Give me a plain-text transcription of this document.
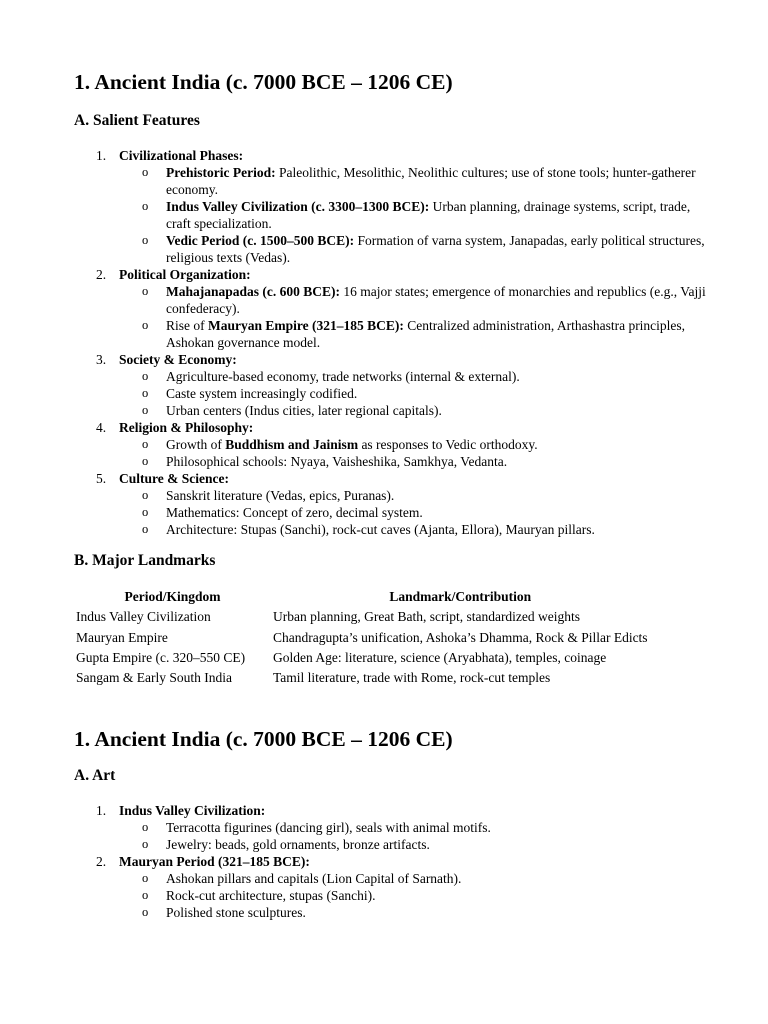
1. Ancient India (c. 7000 BCE – 1206 CE)
A. Salient Features
1. Civilizational Phases:
o Prehistoric Period: Paleolithic, Mesolithic, Neolithic cultures; use of stone tools; hunter-gatherer economy.
o Indus Valley Civilization (c. 3300–1300 BCE): Urban planning, drainage systems, script, trade, craft specialization.
o Vedic Period (c. 1500–500 BCE): Formation of varna system, Janapadas, early political structures, religious texts (Vedas).
2. Political Organization:
o Mahajanapadas (c. 600 BCE): 16 major states; emergence of monarchies and republics (e.g., Vajji confederacy).
o Rise of Mauryan Empire (321–185 BCE): Centralized administration, Arthashastra principles, Ashokan governance model.
3. Society & Economy:
o Agriculture-based economy, trade networks (internal & external).
o Caste system increasingly codified.
o Urban centers (Indus cities, later regional capitals).
4. Religion & Philosophy:
o Growth of Buddhism and Jainism as responses to Vedic orthodoxy.
o Philosophical schools: Nyaya, Vaisheshika, Samkhya, Vedanta.
5. Culture & Science:
o Sanskrit literature (Vedas, epics, Puranas).
o Mathematics: Concept of zero, decimal system.
o Architecture: Stupas (Sanchi), rock-cut caves (Ajanta, Ellora), Mauryan pillars.
B. Major Landmarks
Period/Kingdom	Landmark/Contribution
Indus Valley Civilization	Urban planning, Great Bath, script, standardized weights
Mauryan Empire	Chandragupta’s unification, Ashoka’s Dhamma, Rock & Pillar Edicts
Gupta Empire (c. 320–550 CE)	Golden Age: literature, science (Aryabhata), temples, coinage
Sangam & Early South India	Tamil literature, trade with Rome, rock-cut temples
1. Ancient India (c. 7000 BCE – 1206 CE)
A. Art
1. Indus Valley Civilization:
o Terracotta figurines (dancing girl), seals with animal motifs.
o Jewelry: beads, gold ornaments, bronze artifacts.
2. Mauryan Period (321–185 BCE):
o Ashokan pillars and capitals (Lion Capital of Sarnath).
o Rock-cut architecture, stupas (Sanchi).
o Polished stone sculptures.
